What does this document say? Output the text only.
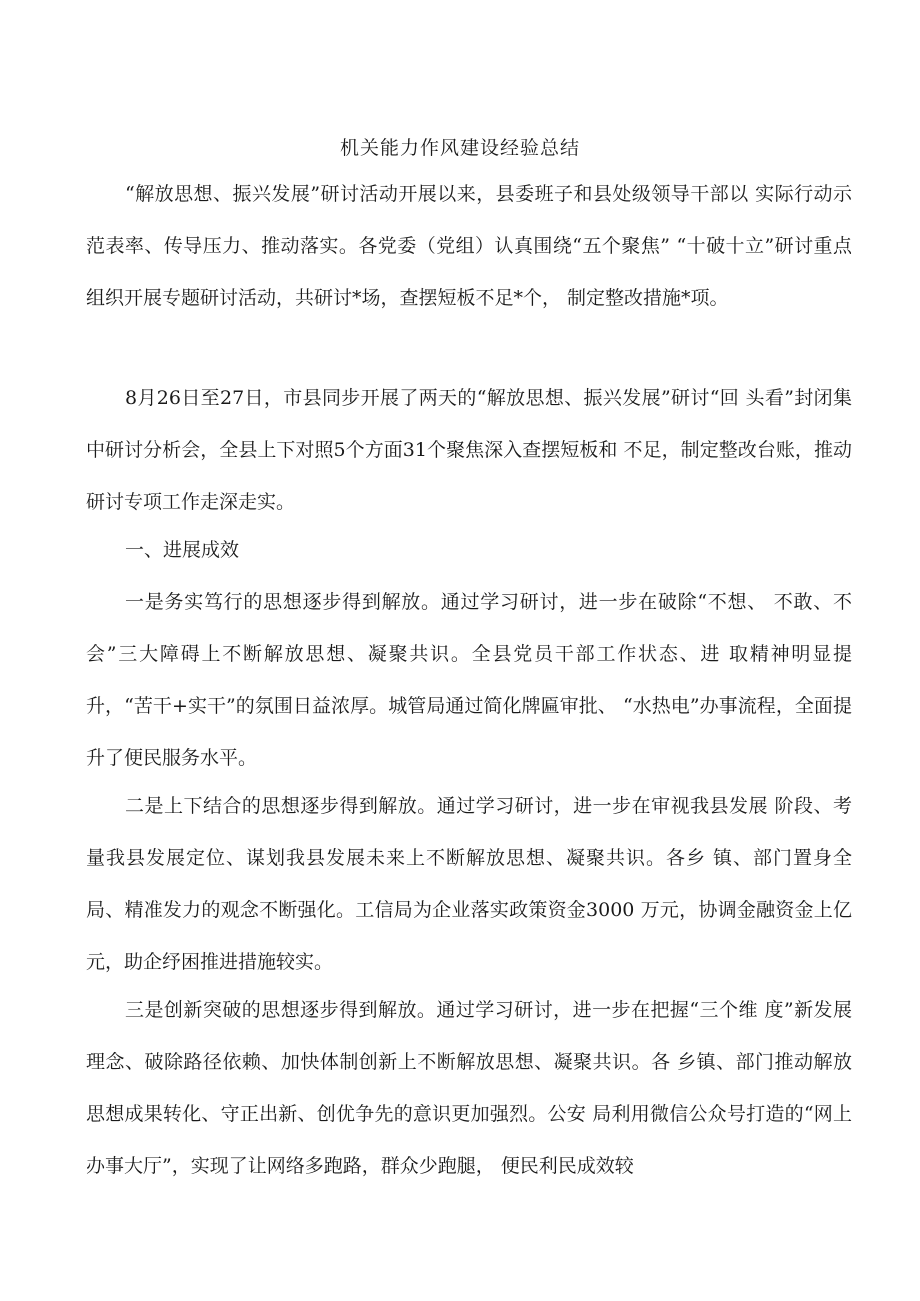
机关能力作风建设经验总结

“解放思想、振兴发展”研讨活动开展以来，县委班子和县处级领导干部以 实际行动示范表率、传导压力、推动落实。各党委（党组）认真围绕“五个聚焦” “十破十立”研讨重点组织开展专题研讨活动，共研讨*场，查摆短板不足*个， 制定整改措施*项。

8月26日至27日，市县同步开展了两天的“解放思想、振兴发展”研讨“回 头看”封闭集中研讨分析会，全县上下对照5个方面31个聚焦深入查摆短板和 不足，制定整改台账，推动研讨专项工作走深走实。

一、进展成效

一是务实笃行的思想逐步得到解放。通过学习研讨，进一步在破除“不想、 不敢、不会”三大障碍上不断解放思想、凝聚共识。全县党员干部工作状态、进 取精神明显提升，“苦干+实干”的氛围日益浓厚。城管局通过简化牌匾审批、 “水热电”办事流程，全面提升了便民服务水平。

二是上下结合的思想逐步得到解放。通过学习研讨，进一步在审视我县发展 阶段、考量我县发展定位、谋划我县发展未来上不断解放思想、凝聚共识。各乡 镇、部门置身全局、精准发力的观念不断强化。工信局为企业落实政策资金3000 万元，协调金融资金上亿元，助企纾困推进措施较实。

三是创新突破的思想逐步得到解放。通过学习研讨，进一步在把握“三个维 度”新发展理念、破除路径依赖、加快体制创新上不断解放思想、凝聚共识。各 乡镇、部门推动解放思想成果转化、守正出新、创优争先的意识更加强烈。公安 局利用微信公众号打造的“网上办事大厅”，实现了让网络多跑路，群众少跑腿， 便民利民成效较
